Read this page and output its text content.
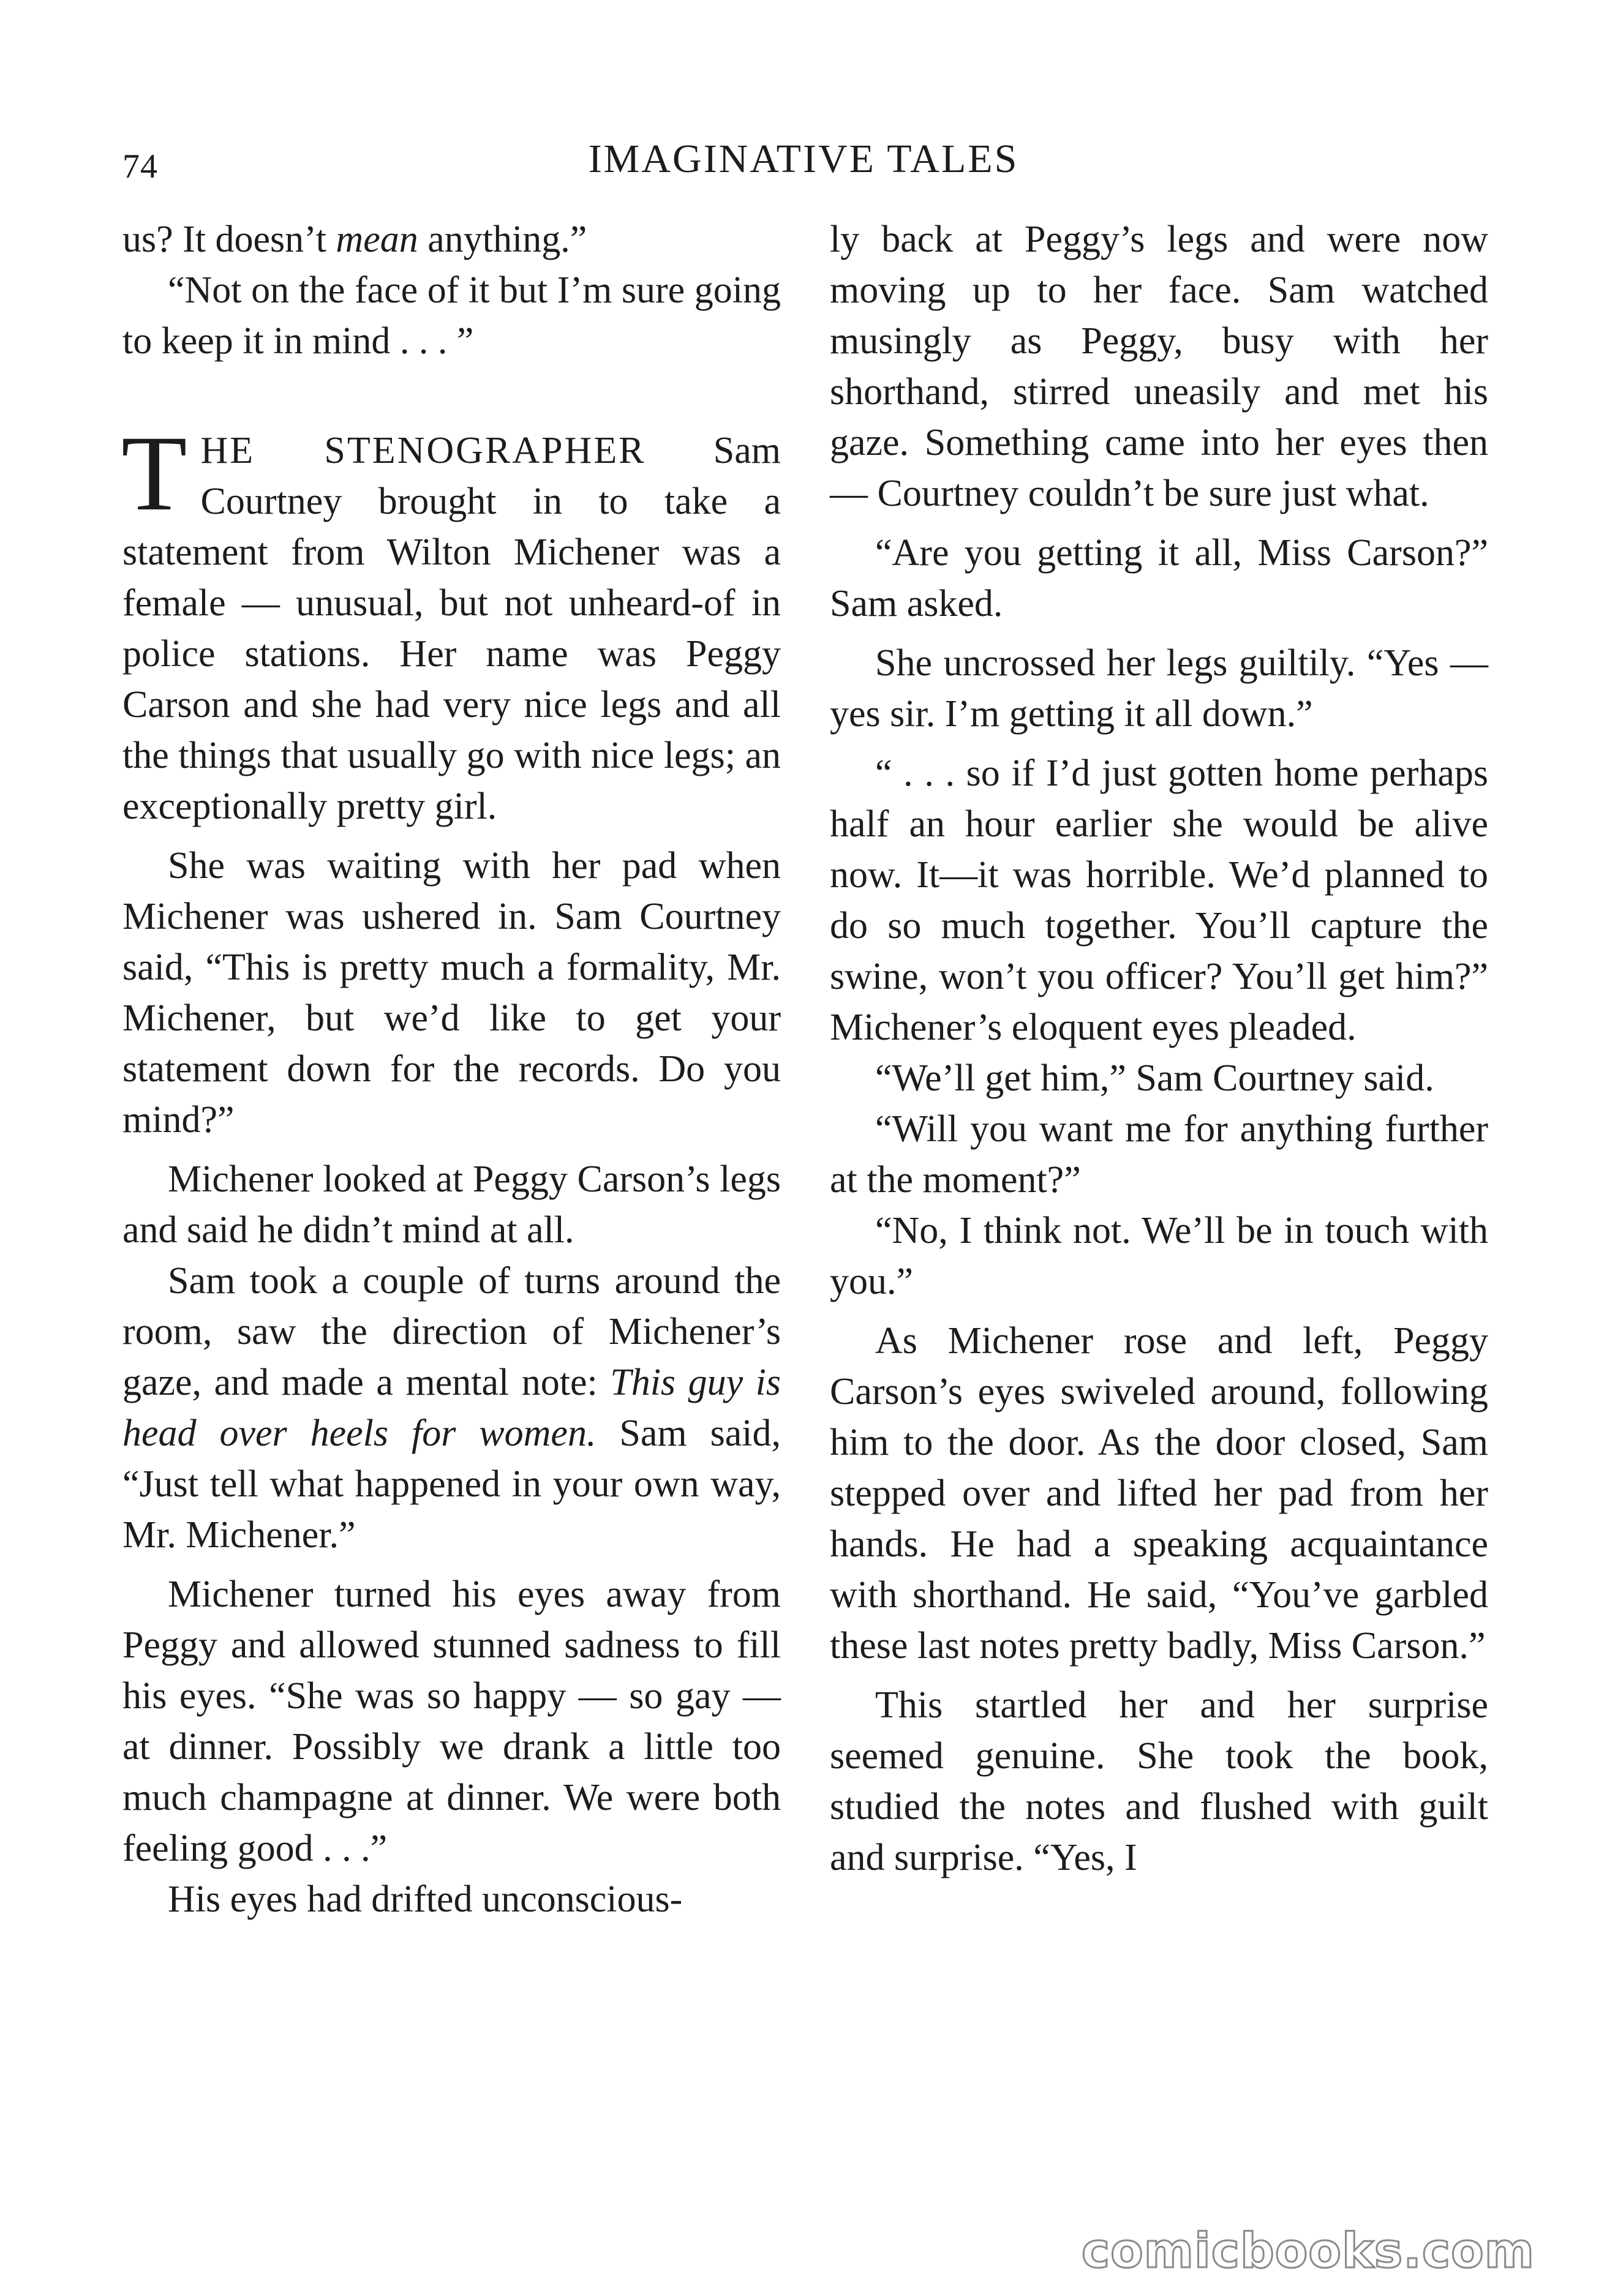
74	IMAGINATIVE TALES

us? It doesn’t mean anything.”

“Not on the face of it but I’m sure going to keep it in mind . . . ”

THE STENOGRAPHER Sam Courtney brought in to take a statement from Wilton Michener was a female — unusual, but not unheard-of in police stations. Her name was Peggy Carson and she had very nice legs and all the things that usually go with nice legs; an exceptionally pretty girl.

She was waiting with her pad when Michener was ushered in. Sam Courtney said, “This is pretty much a formality, Mr. Michener, but we’d like to get your statement down for the records. Do you mind?”

Michener looked at Peggy Carson’s legs and said he didn’t mind at all.

Sam took a couple of turns around the room, saw the direction of Michener’s gaze, and made a mental note: This guy is head over heels for women. Sam said, “Just tell what happened in your own way, Mr. Michener.”

Michener turned his eyes away from Peggy and allowed stunned sadness to fill his eyes. “She was so happy — so gay — at dinner. Possibly we drank a little too much champagne at dinner. We were both feeling good . . .”

His eyes had drifted unconscious-

ly back at Peggy’s legs and were now moving up to her face. Sam watched musingly as Peggy, busy with her shorthand, stirred uneasily and met his gaze. Something came into her eyes then — Courtney couldn’t be sure just what.

“Are you getting it all, Miss Carson?” Sam asked.

She uncrossed her legs guiltily. “Yes — yes sir. I’m getting it all down.”

“ . . . so if I’d just gotten home perhaps half an hour earlier she would be alive now. It—it was horrible. We’d planned to do so much together. You’ll capture the swine, won’t you officer? You’ll get him?” Michener’s eloquent eyes pleaded.

“We’ll get him,” Sam Courtney said.

“Will you want me for anything further at the moment?”

“No, I think not. We’ll be in touch with you.”

As Michener rose and left, Peggy Carson’s eyes swiveled around, following him to the door. As the door closed, Sam stepped over and lifted her pad from her hands. He had a speaking acquaintance with shorthand. He said, “You’ve garbled these last notes pretty badly, Miss Carson.”

This startled her and her surprise seemed genuine. She took the book, studied the notes and flushed with guilt and surprise. “Yes, I

comicbooks.com
